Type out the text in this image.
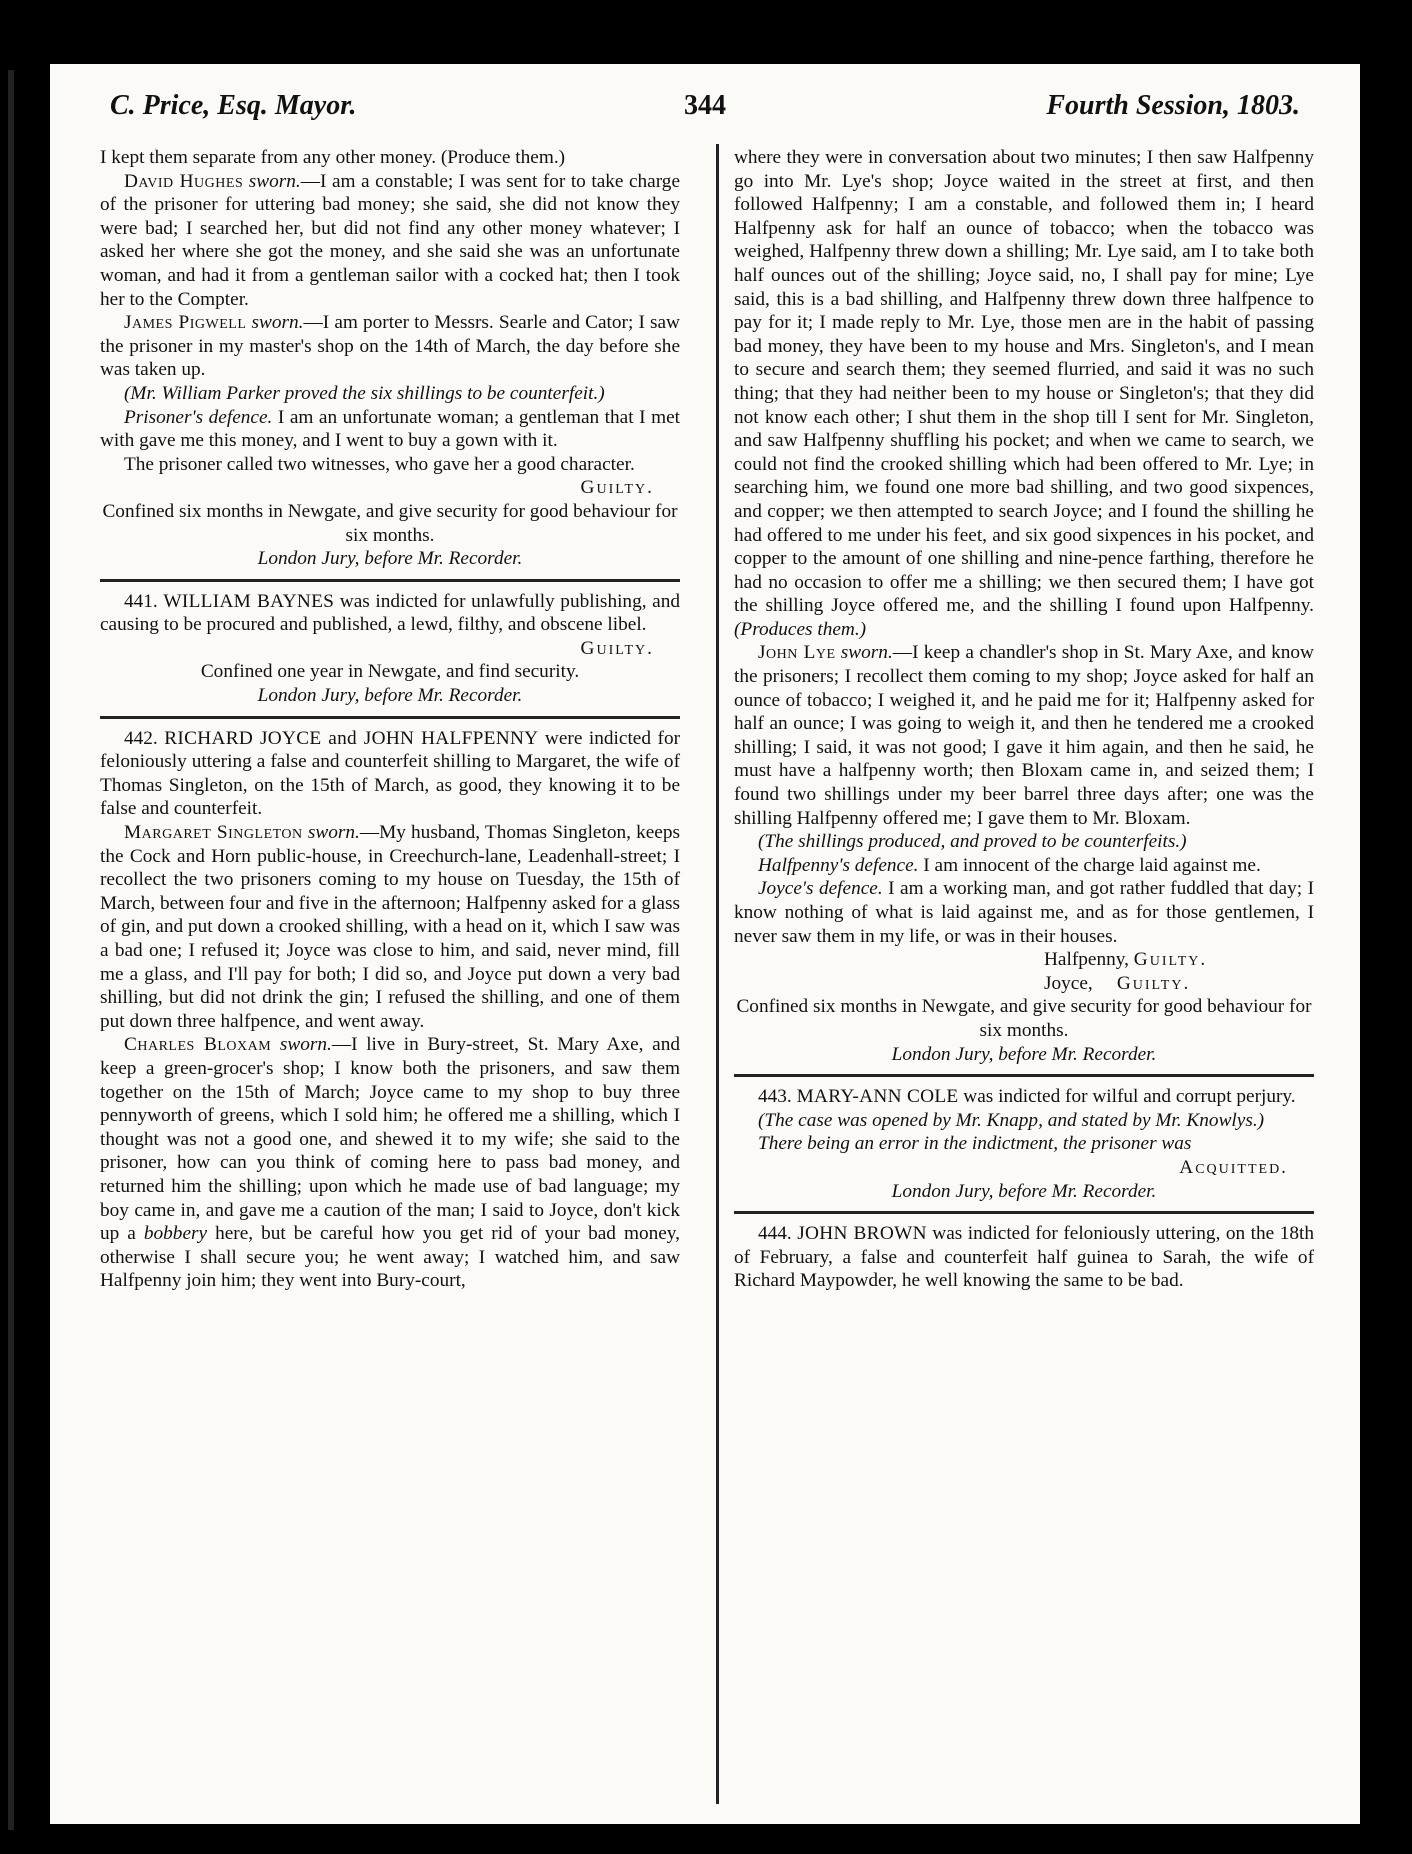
C. Price, Esq. Mayor.	344	Fourth Session, 1803.

I kept them separate from any other money. (Produce them.)

David Hughes sworn.—I am a constable; I was sent for to take charge of the prisoner for uttering bad money; she said, she did not know they were bad; I searched her, but did not find any other money whatever; I asked her where she got the money, and she said she was an unfortunate woman, and had it from a gentleman sailor with a cocked hat; then I took her to the Compter.

James Pigwell sworn.—I am porter to Messrs. Searle and Cator; I saw the prisoner in my master's shop on the 14th of March, the day before she was taken up.

(Mr. William Parker proved the six shillings to be counterfeit.)

Prisoner's defence. I am an unfortunate woman; a gentleman that I met with gave me this money, and I went to buy a gown with it.

The prisoner called two witnesses, who gave her a good character.

Guilty.

Confined six months in Newgate, and give security for good behaviour for six months.

London Jury, before Mr. Recorder.

441. WILLIAM BAYNES was indicted for unlawfully publishing, and causing to be procured and published, a lewd, filthy, and obscene libel.

Guilty.

Confined one year in Newgate, and find security.

London Jury, before Mr. Recorder.

442. RICHARD JOYCE and JOHN HALFPENNY were indicted for feloniously uttering a false and counterfeit shilling to Margaret, the wife of Thomas Singleton, on the 15th of March, as good, they knowing it to be false and counterfeit.

Margaret Singleton sworn.—My husband, Thomas Singleton, keeps the Cock and Horn public-house, in Creechurch-lane, Leadenhall-street; I recollect the two prisoners coming to my house on Tuesday, the 15th of March, between four and five in the afternoon; Halfpenny asked for a glass of gin, and put down a crooked shilling, with a head on it, which I saw was a bad one; I refused it; Joyce was close to him, and said, never mind, fill me a glass, and I'll pay for both; I did so, and Joyce put down a very bad shilling, but did not drink the gin; I refused the shilling, and one of them put down three halfpence, and went away.

Charles Bloxam sworn.—I live in Bury-street, St. Mary Axe, and keep a green-grocer's shop; I know both the prisoners, and saw them together on the 15th of March; Joyce came to my shop to buy three pennyworth of greens, which I sold him; he offered me a shilling, which I thought was not a good one, and shewed it to my wife; she said to the prisoner, how can you think of coming here to pass bad money, and returned him the shilling; upon which he made use of bad language; my boy came in, and gave me a caution of the man; I said to Joyce, don't kick up a bobbery here, but be careful how you get rid of your bad money, otherwise I shall secure you; he went away; I watched him, and saw Halfpenny join him; they went into Bury-court,

where they were in conversation about two minutes; I then saw Halfpenny go into Mr. Lye's shop; Joyce waited in the street at first, and then followed Halfpenny; I am a constable, and followed them in; I heard Halfpenny ask for half an ounce of tobacco; when the tobacco was weighed, Halfpenny threw down a shilling; Mr. Lye said, am I to take both half ounces out of the shilling; Joyce said, no, I shall pay for mine; Lye said, this is a bad shilling, and Halfpenny threw down three halfpence to pay for it; I made reply to Mr. Lye, those men are in the habit of passing bad money, they have been to my house and Mrs. Singleton's, and I mean to secure and search them; they seemed flurried, and said it was no such thing; that they had neither been to my house or Singleton's; that they did not know each other; I shut them in the shop till I sent for Mr. Singleton, and saw Halfpenny shuffling his pocket; and when we came to search, we could not find the crooked shilling which had been offered to Mr. Lye; in searching him, we found one more bad shilling, and two good sixpences, and copper; we then attempted to search Joyce; and I found the shilling he had offered to me under his feet, and six good sixpences in his pocket, and copper to the amount of one shilling and nine-pence farthing, therefore he had no occasion to offer me a shilling; we then secured them; I have got the shilling Joyce offered me, and the shilling I found upon Halfpenny. (Produces them.)

John Lye sworn.—I keep a chandler's shop in St. Mary Axe, and know the prisoners; I recollect them coming to my shop; Joyce asked for half an ounce of tobacco; I weighed it, and he paid me for it; Halfpenny asked for half an ounce; I was going to weigh it, and then he tendered me a crooked shilling; I said, it was not good; I gave it him again, and then he said, he must have a halfpenny worth; then Bloxam came in, and seized them; I found two shillings under my beer barrel three days after; one was the shilling Halfpenny offered me; I gave them to Mr. Bloxam.

(The shillings produced, and proved to be counterfeits.)

Halfpenny's defence. I am innocent of the charge laid against me.

Joyce's defence. I am a working man, and got rather fuddled that day; I know nothing of what is laid against me, and as for those gentlemen, I never saw them in my life, or was in their houses.

Halfpenny, Guilty.

Joyce, Guilty.

Confined six months in Newgate, and give security for good behaviour for six months.

London Jury, before Mr. Recorder.

443. MARY-ANN COLE was indicted for wilful and corrupt perjury.

(The case was opened by Mr. Knapp, and stated by Mr. Knowlys.)

There being an error in the indictment, the prisoner was

Acquitted.

London Jury, before Mr. Recorder.

444. JOHN BROWN was indicted for feloniously uttering, on the 18th of February, a false and counterfeit half guinea to Sarah, the wife of Richard Maypowder, he well knowing the same to be bad.
